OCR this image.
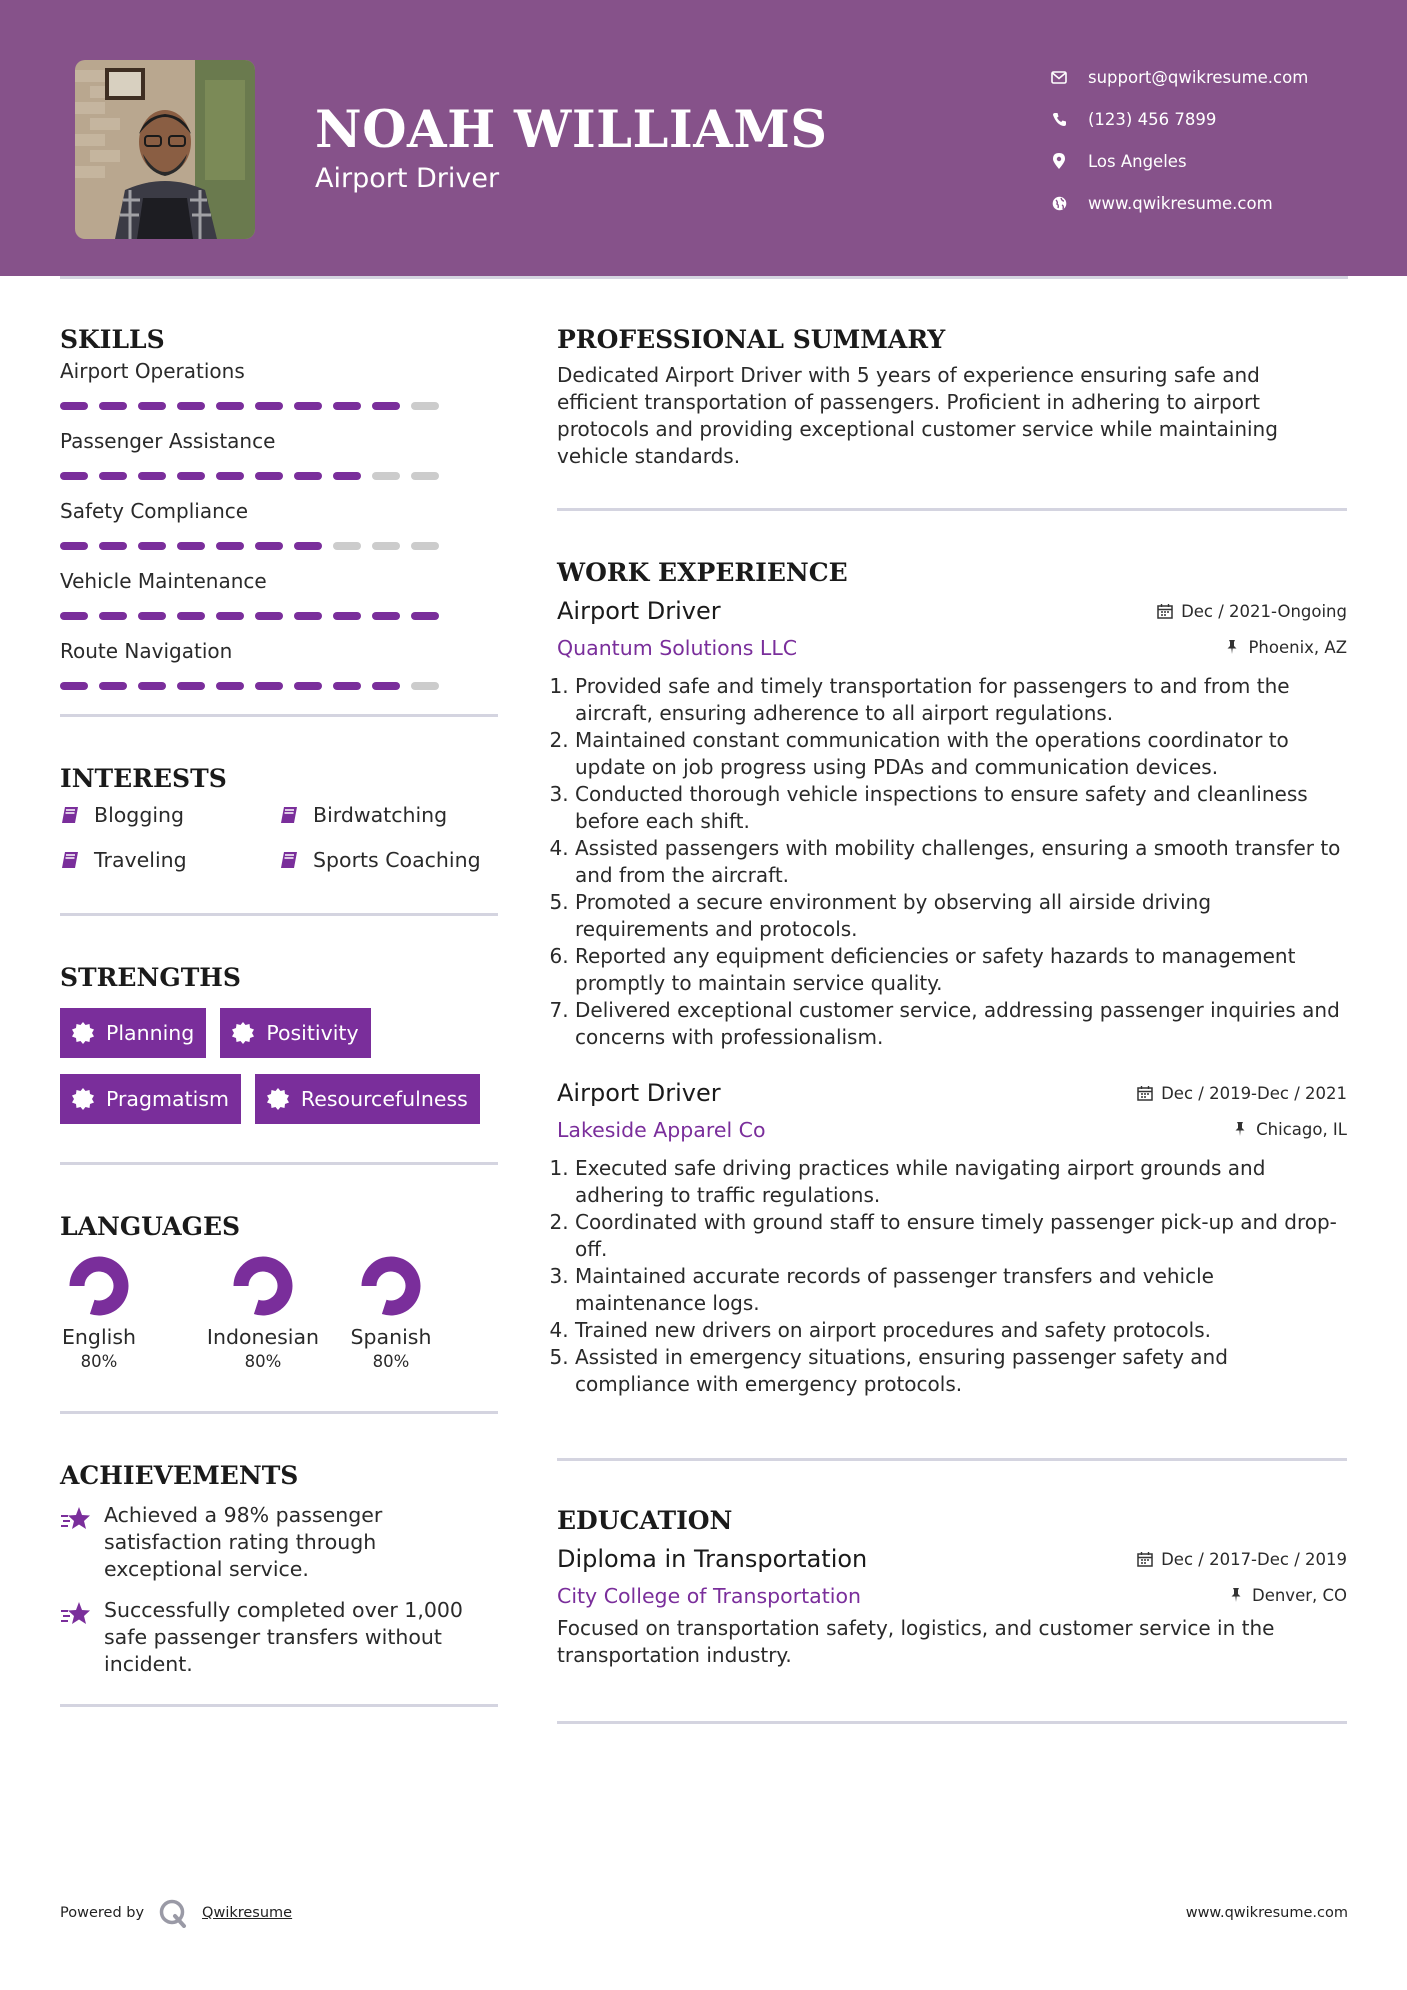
NOAH WILLIAMS
Airport Driver
support@qwikresume.com
(123) 456 7899
Los Angeles
www.qwikresume.com
SKILLS
Airport Operations
Passenger Assistance
Safety Compliance
Vehicle Maintenance
Route Navigation
INTERESTS
Blogging	Birdwatching
Traveling	Sports Coaching
STRENGTHS
Planning	Positivity
Pragmatism	Resourcefulness
LANGUAGES
English
80%
Indonesian
80%
Spanish
80%
ACHIEVEMENTS
Achieved a 98% passenger satisfaction rating through exceptional service.
Successfully completed over 1,000 safe passenger transfers without incident.
PROFESSIONAL SUMMARY
Dedicated Airport Driver with 5 years of experience ensuring safe and efficient transportation of passengers. Proficient in adhering to airport protocols and providing exceptional customer service while maintaining vehicle standards.
WORK EXPERIENCE
Airport Driver	Dec / 2021-Ongoing
Quantum Solutions LLC	Phoenix, AZ
1. Provided safe and timely transportation for passengers to and from the aircraft, ensuring adherence to all airport regulations.
2. Maintained constant communication with the operations coordinator to update on job progress using PDAs and communication devices.
3. Conducted thorough vehicle inspections to ensure safety and cleanliness before each shift.
4. Assisted passengers with mobility challenges, ensuring a smooth transfer to and from the aircraft.
5. Promoted a secure environment by observing all airside driving requirements and protocols.
6. Reported any equipment deficiencies or safety hazards to management promptly to maintain service quality.
7. Delivered exceptional customer service, addressing passenger inquiries and concerns with professionalism.
Airport Driver	Dec / 2019-Dec / 2021
Lakeside Apparel Co	Chicago, IL
1. Executed safe driving practices while navigating airport grounds and adhering to traffic regulations.
2. Coordinated with ground staff to ensure timely passenger pick-up and drop-off.
3. Maintained accurate records of passenger transfers and vehicle maintenance logs.
4. Trained new drivers on airport procedures and safety protocols.
5. Assisted in emergency situations, ensuring passenger safety and compliance with emergency protocols.
EDUCATION
Diploma in Transportation	Dec / 2017-Dec / 2019
City College of Transportation	Denver, CO
Focused on transportation safety, logistics, and customer service in the transportation industry.
Powered by	Qwikresume	www.qwikresume.com
